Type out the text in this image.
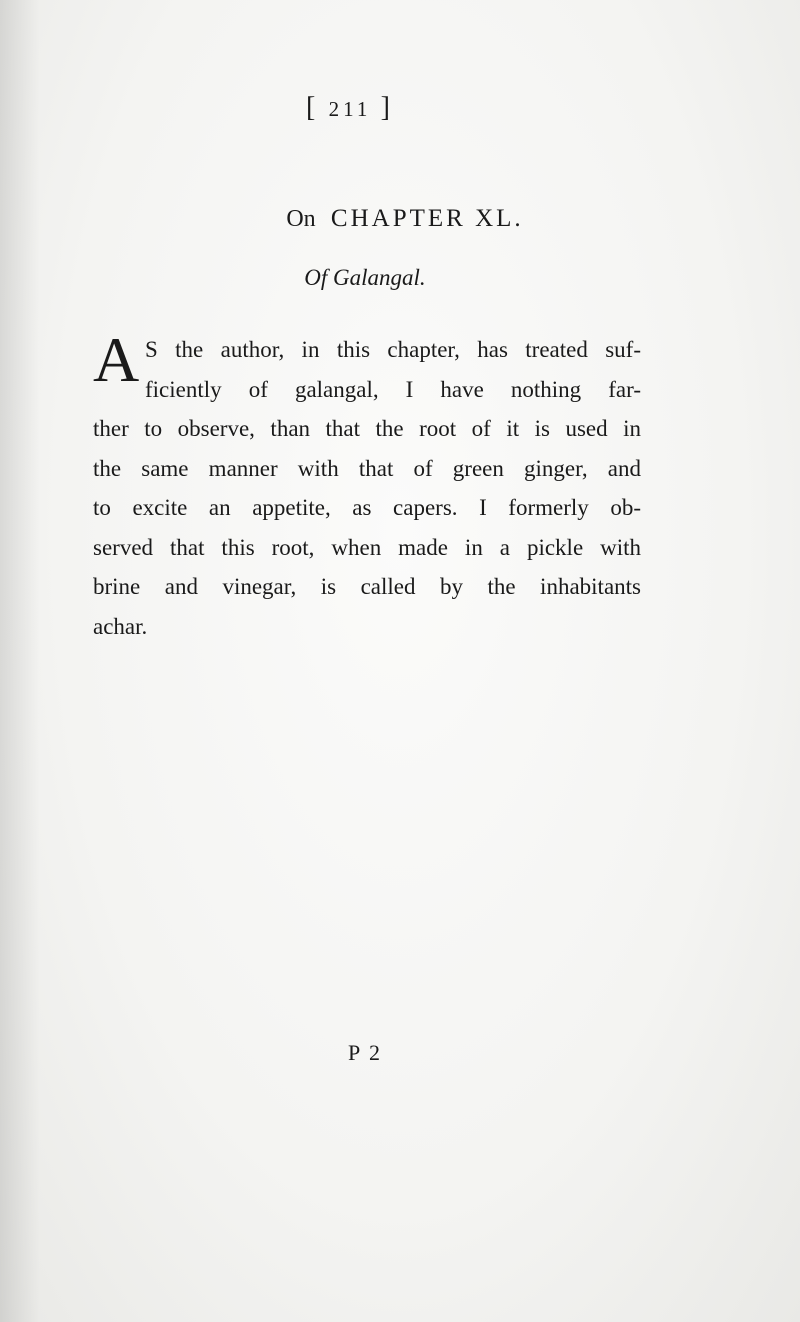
[ 211 ]
On CHAPTER XL.
Of Galangal.
A S the author, in this chapter, has treated suf-
ficiently of galangal, I have nothing far-
ther to observe, than that the root of it is used in
the same manner with that of green ginger, and
to excite an appetite, as capers. I formerly ob-
served that this root, when made in a pickle with
brine and vinegar, is called by the inhabitants
achar.
P 2
